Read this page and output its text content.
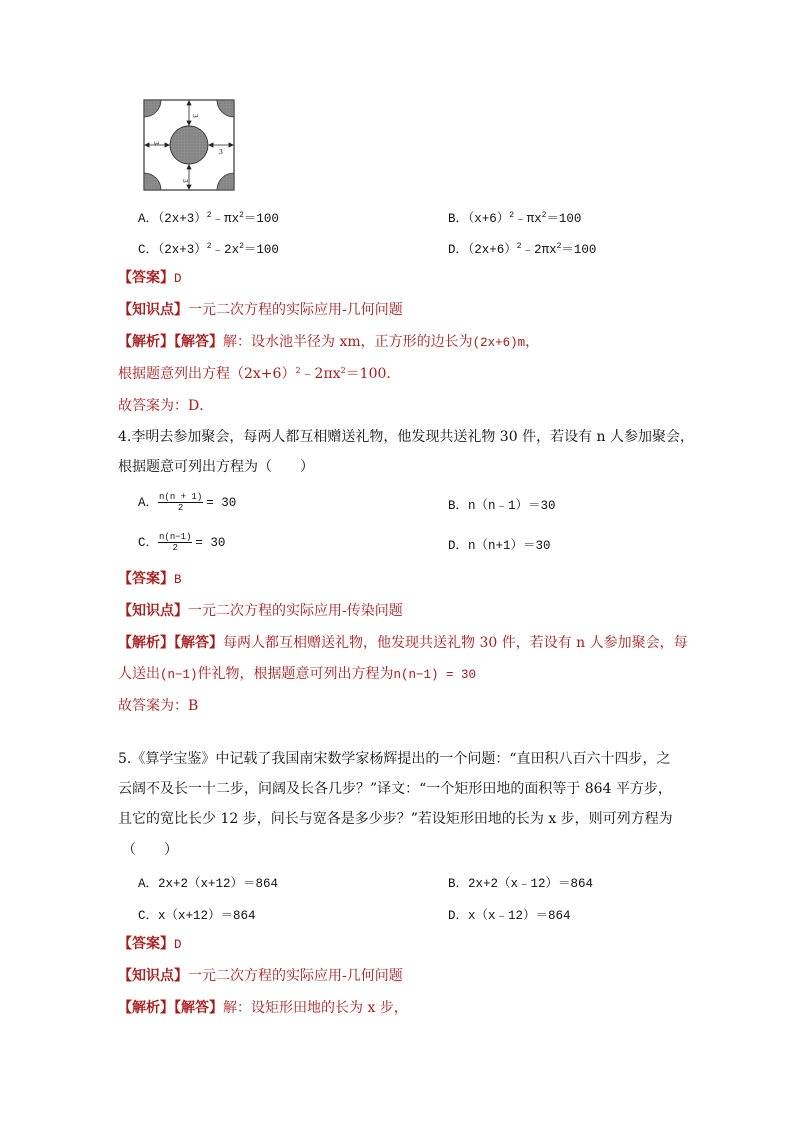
3
3
3
3
A．$(2x+3)^2﹣\pi x^2=100$	B．$(x+6)^2﹣\pi x^2=100$
C．$(2x+3)^2﹣2x^2=100$	D．$(2x+6)^2﹣2\pi x^2=100$
【答案】D
【知识点】一元二次方程的实际应用-几何问题
【解析】【解答】解：设水池半径为 xm，正方形的边长为(2x+6)m，
根据题意列出方程$(2x+6)^2﹣2\pi x^2=100$．
故答案为：D．
4.李明去参加聚会，每两人都互相赠送礼物，他发现共送礼物 30 件，若设有 n 人参加聚会，
根据题意可列出方程为（　　）
A． $\frac{n(n + 1)}{2} = 30$	B．n（n﹣1）＝30
C． $\frac{n(n-1)}{2} = 30$	D．n（n+1）＝30
【答案】B
【知识点】一元二次方程的实际应用-传染问题
【解析】【解答】每两人都互相赠送礼物，他发现共送礼物 30 件，若设有 n 人参加聚会，每
人送出(n−1)件礼物，根据题意可列出方程为n(n−1) = 30
故答案为：B
5.《算学宝鉴》中记载了我国南宋数学家杨辉提出的一个问题：“直田积八百六十四步，之
云阔不及长一十二步，问阔及长各几步？”译文：“一个矩形田地的面积等于 864 平方步，
且它的宽比长少 12 步，问长与宽各是多少步？”若设矩形田地的长为 x 步，则可列方程为
（　　）
A．2x+2（x+12）＝864	B．2x+2（x﹣12）＝864
C．x（x+12）＝864	D．x（x﹣12）＝864
【答案】D
【知识点】一元二次方程的实际应用-几何问题
【解析】【解答】解：设矩形田地的长为 x 步，
